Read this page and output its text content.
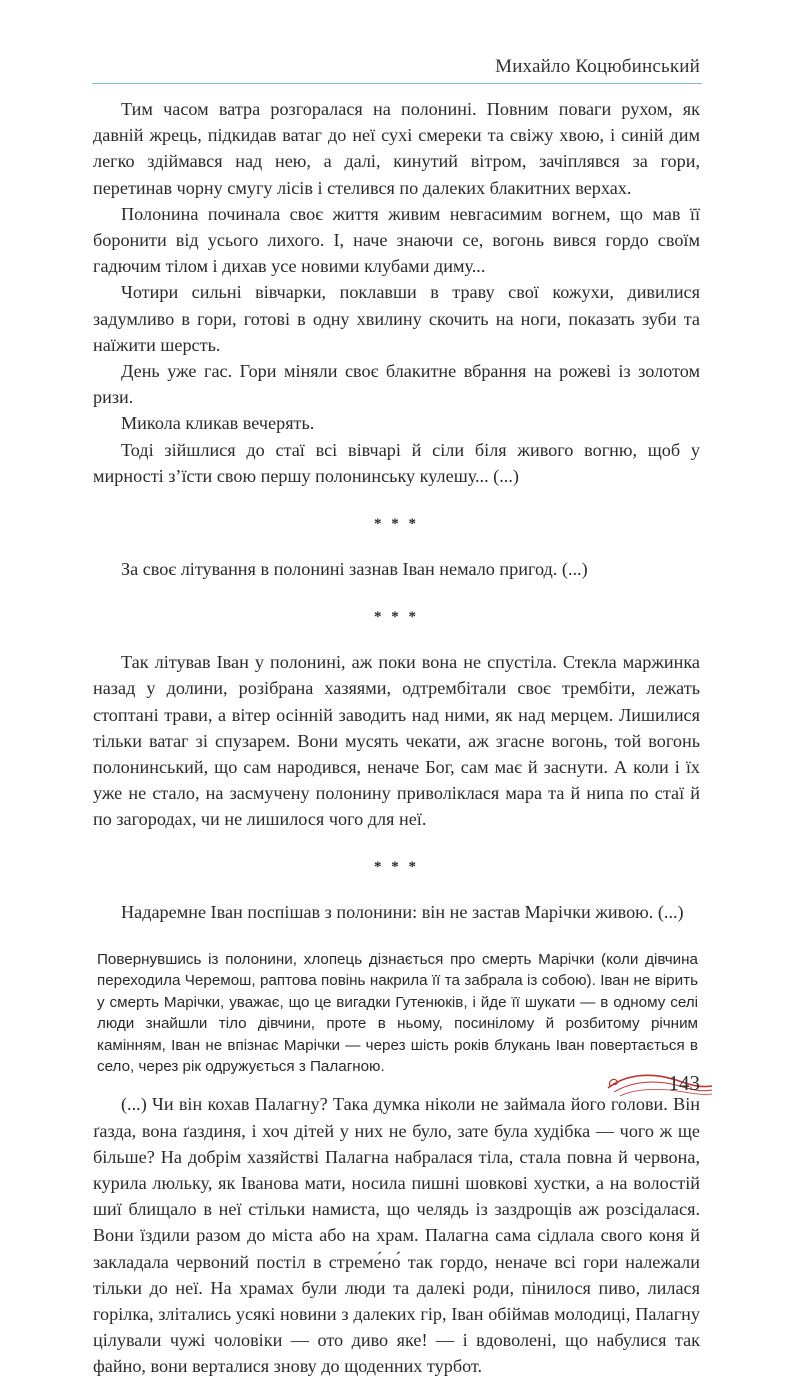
Михайло Коцюбинський

Тим часом ватра розгоралася на полонині. Повним поваги рухом, як давній жрець, підкидав ватаг до неї сухі смереки та свіжу хвою, і синій дим легко здіймався над нею, а далі, кинутий вітром, зачіплявся за гори, перетинав чорну смугу лісів і стелився по далеких блакитних верхах.

Полонина починала своє життя живим невгасимим вогнем, що мав її боронити від усього лихого. І, наче знаючи се, вогонь вився гордо своїм гадючим тілом і дихав усе новими клубами диму...

Чотири сильні вівчарки, поклавши в траву свої кожухи, дивилися задумливо в гори, готові в одну хвилину скочить на ноги, показать зуби та наїжити шерсть.

День уже гас. Гори міняли своє блакитне вбрання на рожеві із золотом ризи.

Микола кликав вечерять.

Тоді зійшлися до стаї всі вівчарі й сіли біля живого вогню, щоб у мирності з’їсти свою першу полонинську кулешу... (...)

* * *

За своє літування в полонині зазнав Іван немало пригод. (...)

* * *

Так літував Іван у полонині, аж поки вона не спустіла. Стекла маржинка назад у долини, розібрана хазяями, одтрембітали своє трембіти, лежать стоптані трави, а вітер осінній заводить над ними, як над мерцем. Лишилися тільки ватаг зі спузарем. Вони мусять чекати, аж згасне вогонь, той вогонь полонинський, що сам народився, неначе Бог, сам має й заснути. А коли і їх уже не стало, на засмучену полонину приволіклася мара та й нипа по стаї й по загородах, чи не лишилося чого для неї.

* * *

Надаремне Іван поспішав з полонини: він не застав Марічки живою. (...)

Повернувшись із полонини, хлопець дізнається про смерть Марічки (коли дівчина переходила Черемош, раптова повінь накрила її та забрала із собою). Іван не вірить у смерть Марічки, уважає, що це вигадки Гутенюків, і йде її шукати — в одному селі люди знайшли тіло дівчини, проте в ньому, посинілому й розбитому річним камінням, Іван не впізнає Марічки — через шість років блукань Іван повертається в село, через рік одружується з Палагною.

(...) Чи він кохав Палагну? Така думка ніколи не займала його голови. Він ґазда, вона ґаздиня, і хоч дітей у них не було, зате була худібка — чого ж ще більше? На добрім хазяйстві Палагна набралася тіла, стала повна й червона, курила люльку, як Іванова мати, носила пишні шовкові хустки, а на волостій шиї блищало в неї стільки намиста, що челядь із заздрощів аж розсідалася. Вони їздили разом до міста або на храм. Палагна сама сідлала свого коня й закладала червоний постіл в стреме́но́ так гордо, неначе всі гори належали тільки до неї. На храмах були люди та далекі роди, пінилося пиво, лилася горілка, злітались усякі новини з далеких гір, Іван обіймав молодиці, Палагну цілували чужі чоловіки — ото диво яке! — і вдоволені, що набулися так файно, вони верталися знову до щоденних турбот.

143
